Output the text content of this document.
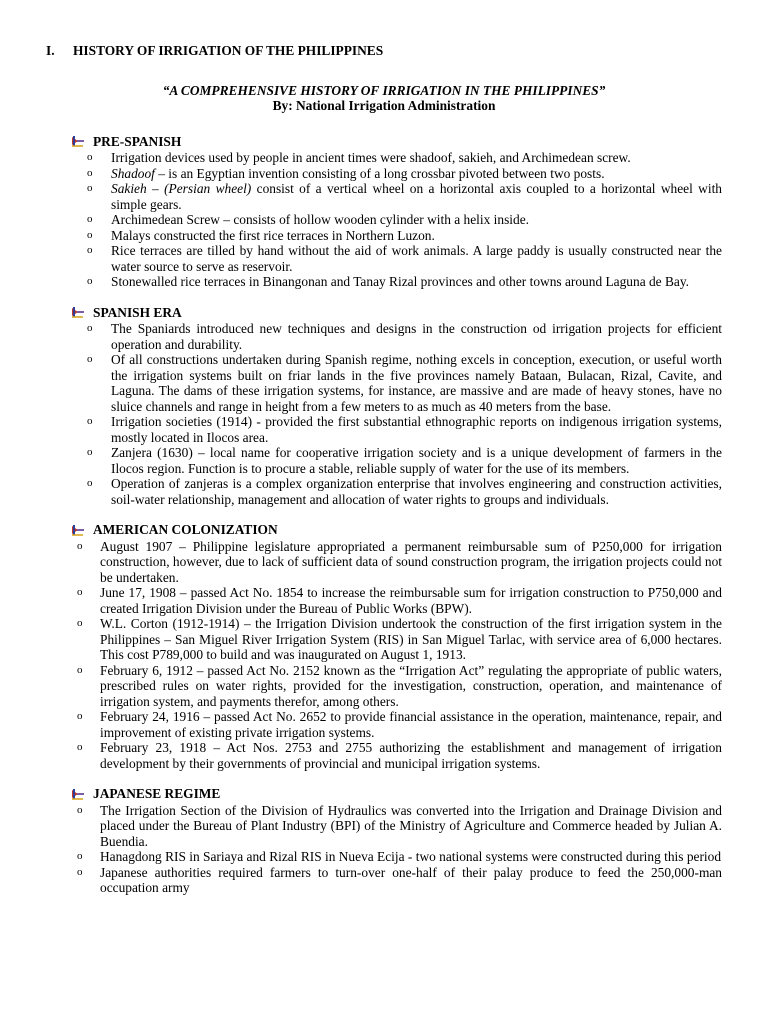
I.	HISTORY OF IRRIGATION OF THE PHILIPPINES
“A COMPREHENSIVE HISTORY OF IRRIGATION IN THE PHILIPPINES”
By: National Irrigation Administration
PRE-SPANISH
o	Irrigation devices used by people in ancient times were shadoof, sakieh, and Archimedean screw.
o	Shadoof – is an Egyptian invention consisting of a long crossbar pivoted between two posts.
o	Sakieh – (Persian wheel) consist of a vertical wheel on a horizontal axis coupled to a horizontal wheel with simple gears.
o	Archimedean Screw – consists of hollow wooden cylinder with a helix inside.
o	Malays constructed the first rice terraces in Northern Luzon.
o	Rice terraces are tilled by hand without the aid of work animals. A large paddy is usually constructed near the water source to serve as reservoir.
o	Stonewalled rice terraces in Binangonan and Tanay Rizal provinces and other towns around Laguna de Bay.
SPANISH ERA
o	The Spaniards introduced new techniques and designs in the construction od irrigation projects for efficient operation and durability.
o	Of all constructions undertaken during Spanish regime, nothing excels in conception, execution, or useful worth the irrigation systems built on friar lands in the five provinces namely Bataan, Bulacan, Rizal, Cavite, and Laguna. The dams of these irrigation systems, for instance, are massive and are made of heavy stones, have no sluice channels and range in height from a few meters to as much as 40 meters from the base.
o	Irrigation societies (1914) - provided the first substantial ethnographic reports on indigenous irrigation systems, mostly located in Ilocos area.
o	Zanjera (1630) – local name for cooperative irrigation society and is a unique development of farmers in the Ilocos region. Function is to procure a stable, reliable supply of water for the use of its members.
o	Operation of zanjeras is a complex organization enterprise that involves engineering and construction activities, soil-water relationship, management and allocation of water rights to groups and individuals.
AMERICAN COLONIZATION
o	August 1907 – Philippine legislature appropriated a permanent reimbursable sum of P250,000 for irrigation construction, however, due to lack of sufficient data of sound construction program, the irrigation projects could not be undertaken.
o	June 17, 1908 – passed Act No. 1854 to increase the reimbursable sum for irrigation construction to P750,000 and created Irrigation Division under the Bureau of Public Works (BPW).
o	W.L. Corton (1912-1914) – the Irrigation Division undertook the construction of the first irrigation system in the Philippines – San Miguel River Irrigation System (RIS) in San Miguel Tarlac, with service area of 6,000 hectares. This cost P789,000 to build and was inaugurated on August 1, 1913.
o	February 6, 1912 – passed Act No. 2152 known as the “Irrigation Act” regulating the appropriate of public waters, prescribed rules on water rights, provided for the investigation, construction, operation, and maintenance of irrigation system, and payments therefor, among others.
o	February 24, 1916 – passed Act No. 2652 to provide financial assistance in the operation, maintenance, repair, and improvement of existing private irrigation systems.
o	February 23, 1918 – Act Nos. 2753 and 2755 authorizing the establishment and management of irrigation development by their governments of provincial and municipal irrigation systems.
JAPANESE REGIME
o	The Irrigation Section of the Division of Hydraulics was converted into the Irrigation and Drainage Division and placed under the Bureau of Plant Industry (BPI) of the Ministry of Agriculture and Commerce headed by Julian A. Buendia.
o	Hanagdong RIS in Sariaya and Rizal RIS in Nueva Ecija - two national systems were constructed during this period
o	Japanese authorities required farmers to turn-over one-half of their palay produce to feed the 250,000-man occupation army
